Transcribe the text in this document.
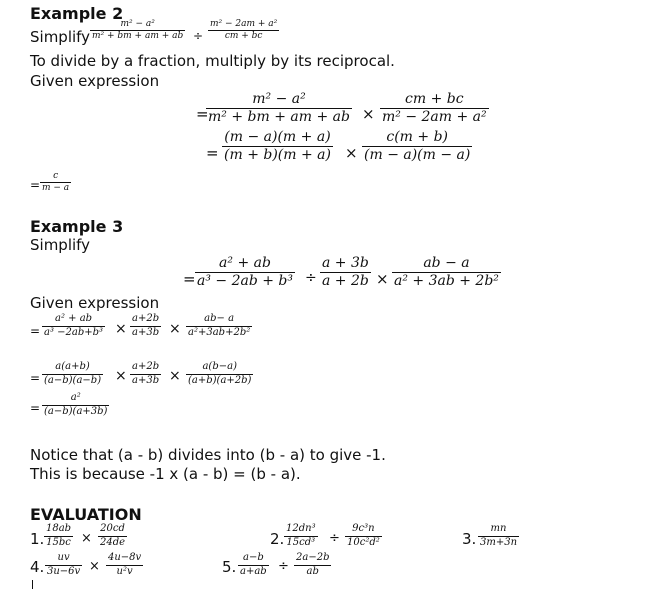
Example 2
Simplify
m² − a²
m² + bm + am + ab ÷
m² − 2am + a²
cm + bc
To divide by a fraction, multiply by its reciprocal.
Given expression
=
m² − a²
m² + bm + am + ab ×
cm + bc
m² − 2am + a²
=
(m − a)(m + a)
(m + b)(m + a) ×
c(m + b)
(m − a)(m − a)
=
c
m − a
Example 3
Simplify
=
a² + ab
a³ − 2ab + b³ ÷
a + 3b
a + 2b ×
ab − a
a² + 3ab + 2b²
Given expression
=
a² + ab
a³ −2ab+b³ ×
a+2b
a+3b ×
ab− a
a²+3ab+2b²
=
a(a+b)
(a−b)(a−b) ×
a+2b
a+3b ×
a(b−a)
(a+b)(a+2b)
=
a²
(a−b)(a+3b)
Notice that (a - b) divides into (b - a) to give -1.
This is because -1 x (a - b) = (b - a).
EVALUATION
1.
18ab
15bc ×
20cd
24de	2.
12dn³
15cd³ ÷
9c³n
10c²d²	3.
mn
3m+3n
4.
uv
3u−6v ×
4u−8v
u²v	5.
a−b
a+ab ÷
2a−2b
ab
